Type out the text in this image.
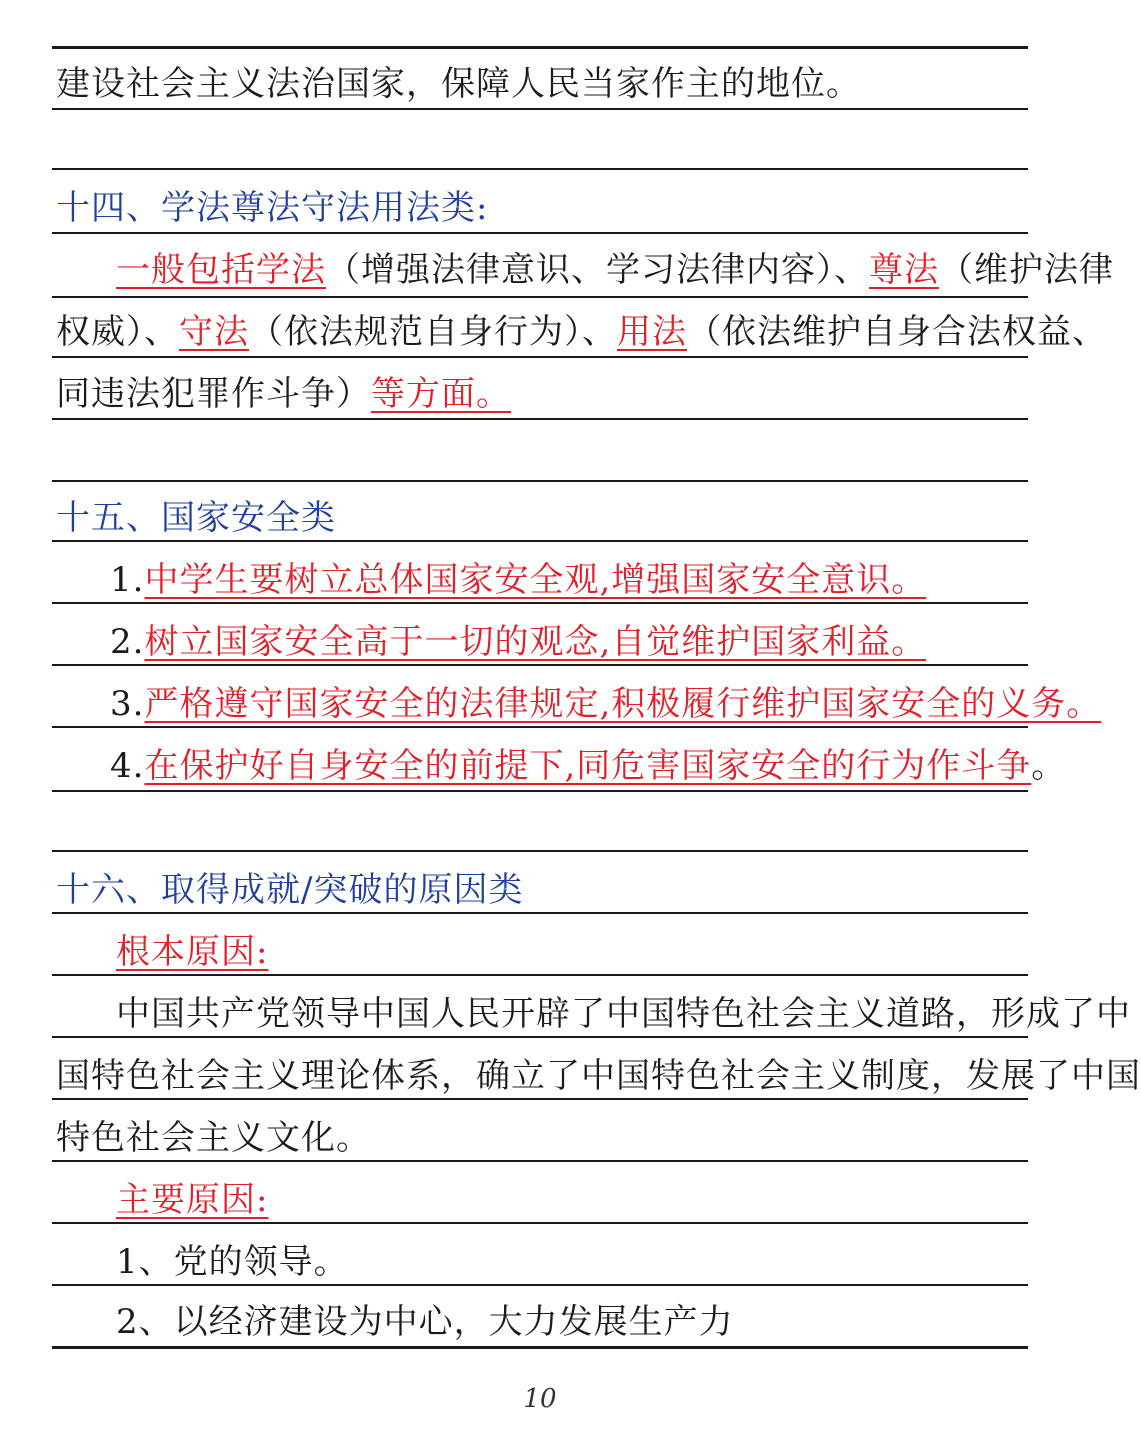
建设社会主义法治国家，保障人民当家作主的地位。
十四、学法尊法守法用法类:
一般包括学法（增强法律意识、学习法律内容）、尊法（维护法律
权威）、守法（依法规范自身行为）、用法（依法维护自身合法权益、
同违法犯罪作斗争）等方面。
十五、国家安全类
1.中学生要树立总体国家安全观,增强国家安全意识。
2.树立国家安全高于一切的观念,自觉维护国家利益。
3.严格遵守国家安全的法律规定,积极履行维护国家安全的义务。
4.在保护好自身安全的前提下,同危害国家安全的行为作斗争。
十六、取得成就/突破的原因类
根本原因:
中国共产党领导中国人民开辟了中国特色社会主义道路，形成了中
国特色社会主义理论体系，确立了中国特色社会主义制度，发展了中国
特色社会主义文化。
主要原因:
1、党的领导。
2、以经济建设为中心，大力发展生产力
10
